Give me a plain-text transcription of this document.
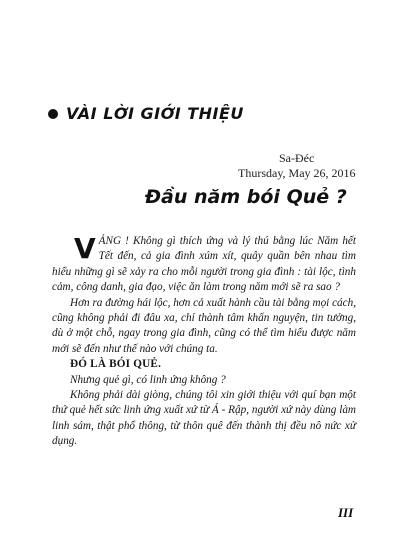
VÀI LỜI GIỚI THIỆU
Sa-Đéc
Thursday, May 26, 2016
Đầu năm bói Quẻ ?

VẢNG ! Không gì thích ứng và lý thú bằng lúc Năm hết Tết đến, cả gia đình xúm xít, quây quần bên nhau tìm hiểu những gì sẽ xảy ra cho mỗi người trong gia đình : tài lộc, tình cảm, công danh, gia đạo, việc ăn làm trong năm mới sẽ ra sao ?

Hơn ra đường hái lộc, hơn cả xuất hành cầu tài bằng mọi cách, cũng không phải đi đâu xa, chỉ thành tâm khấn nguyện, tin tưởng, dù ở một chỗ, ngay trong gia đình, cũng có thể tìm hiểu được năm mới sẽ đến như thế nào với chúng ta.

ĐÓ LÀ BÓI QUẺ.

Nhưng quẻ gì, có linh ứng không ?

Không phải dài giòng, chúng tôi xin giới thiệu với quí bạn một thứ quẻ hết sức linh ứng xuất xứ từ Á - Rập, người xứ này dùng làm linh sám, thật phổ thông, từ thôn quê đến thành thị đều nô nức xử dụng.

III
